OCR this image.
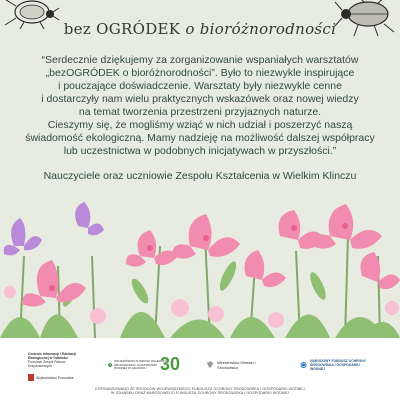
bez OGRÓDEK o bioróżnorodności
“Serdecznie dziękujemy za zorganizowanie wspaniałych warsztatów
„bezOGRÓDEK o bioróżnorodności”. Było to niezwykle inspirujące
i pouczające doświadczenie. Warsztaty były niezwykle cenne
i dostarczyły nam wielu praktycznych wskazówek oraz nowej wiedzy
na temat tworzenia przestrzeni przyjaznych naturze.
Cieszymy się, że mogliśmy wziąć w nich udział i poszerzyć naszą
świadomość ekologiczną. Mamy nadzieję na możliwość dalszej współpracy
lub uczestnictwa w podobnych inicjatywach w przyszłości.”
Nauczyciele oraz uczniowie Zespołu Kształcenia w Wielkim Klinczu
Centrum Informacji i Edukacji Ekologicznej w Gdańsku
Pomorski Zespół Parków Krajobrazowych
Województwo Pomorskie
WOJEWÓDZKI FUNDUSZ OCHRONY ŚRODOWISKA I GOSPODARKI WODNEJ W GDAŃSKU 30	Ministerstwo Klimatu i Środowiska
NARODOWY FUNDUSZ OCHRONY ŚRODOWISKA I GOSPODARKI WODNEJ
DOFINANSOWANO ZE ŚRODKÓW WOJEWÓDZKIEGO FUNDUSZU OCHRONY ŚRODOWISKA I GOSPODARKI WODNEJ
W GDAŃSKU ORAZ NARODOWEGO FUNDUSZU OCHRONY ŚRODOWISKA I GOSPODARKI WODNEJ
